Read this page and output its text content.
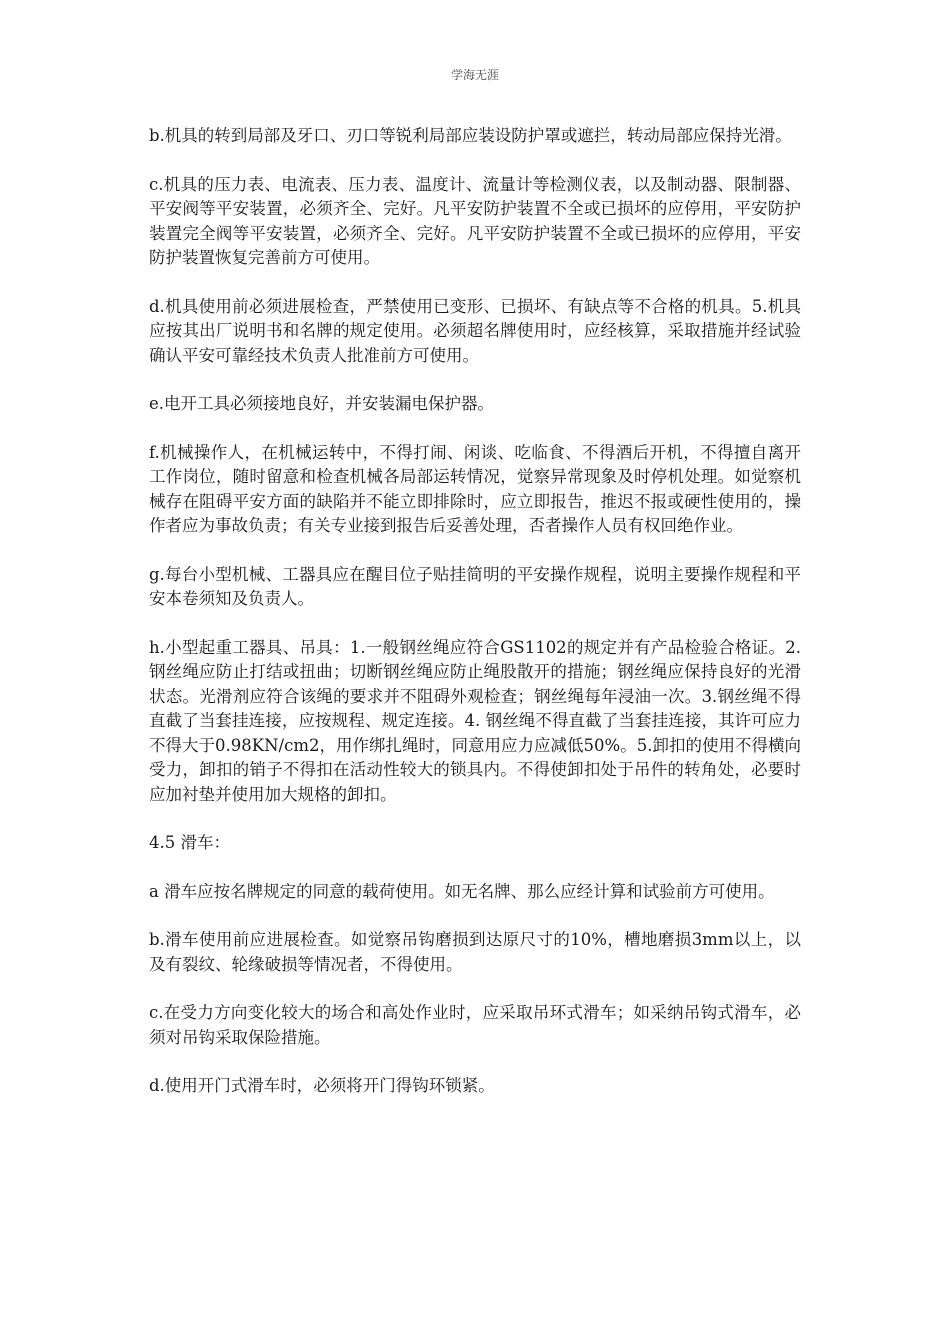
学海无涯

b.机具的转到局部及牙口、刃口等锐利局部应装设防护罩或遮拦，转动局部应保持光滑。

c.机具的压力表、电流表、压力表、温度计、流量计等检测仪表，以及制动器、限制器、平安阀等平安装置，必须齐全、完好。凡平安防护装置不全或已损坏的应停用，平安防护装置完全阀等平安装置，必须齐全、完好。凡平安防护装置不全或已损坏的应停用，平安防护装置恢复完善前方可使用。

d.机具使用前必须进展检查，严禁使用已变形、已损坏、有缺点等不合格的机具。5.机具应按其出厂说明书和名牌的规定使用。必须超名牌使用时，应经核算，采取措施并经试验确认平安可靠经技术负责人批准前方可使用。

e.电开工具必须接地良好，并安装漏电保护器。

f.机械操作人，在机械运转中，不得打闹、闲谈、吃临食、不得酒后开机，不得擅自离开工作岗位，随时留意和检查机械各局部运转情况，觉察异常现象及时停机处理。如觉察机械存在阻碍平安方面的缺陷并不能立即排除时，应立即报告，推迟不报或硬性使用的，操作者应为事故负责；有关专业接到报告后妥善处理，否者操作人员有权回绝作业。

g.每台小型机械、工器具应在醒目位子贴挂简明的平安操作规程，说明主要操作规程和平安本卷须知及负责人。

h.小型起重工器具、吊具：1.一般钢丝绳应符合GS1102的规定并有产品检验合格证。2.钢丝绳应防止打结或扭曲；切断钢丝绳应防止绳股散开的措施；钢丝绳应保持良好的光滑状态。光滑剂应符合该绳的要求并不阻碍外观检查；钢丝绳每年浸油一次。3.钢丝绳不得直截了当套挂连接，应按规程、规定连接。4. 钢丝绳不得直截了当套挂连接，其许可应力不得大于0.98KN/cm2，用作绑扎绳时，同意用应力应减低50%。5.卸扣的使用不得横向受力，卸扣的销子不得扣在活动性较大的锁具内。不得使卸扣处于吊件的转角处，必要时应加衬垫并使用加大规格的卸扣。

4.5 滑车：

a 滑车应按名牌规定的同意的载荷使用。如无名牌、那么应经计算和试验前方可使用。

b.滑车使用前应进展检查。如觉察吊钩磨损到达原尺寸的10%，槽地磨损3mm以上，以及有裂纹、轮缘破损等情况者，不得使用。

c.在受力方向变化较大的场合和高处作业时，应采取吊环式滑车；如采纳吊钩式滑车，必须对吊钩采取保险措施。

d.使用开门式滑车时，必须将开门得钩环锁紧。
